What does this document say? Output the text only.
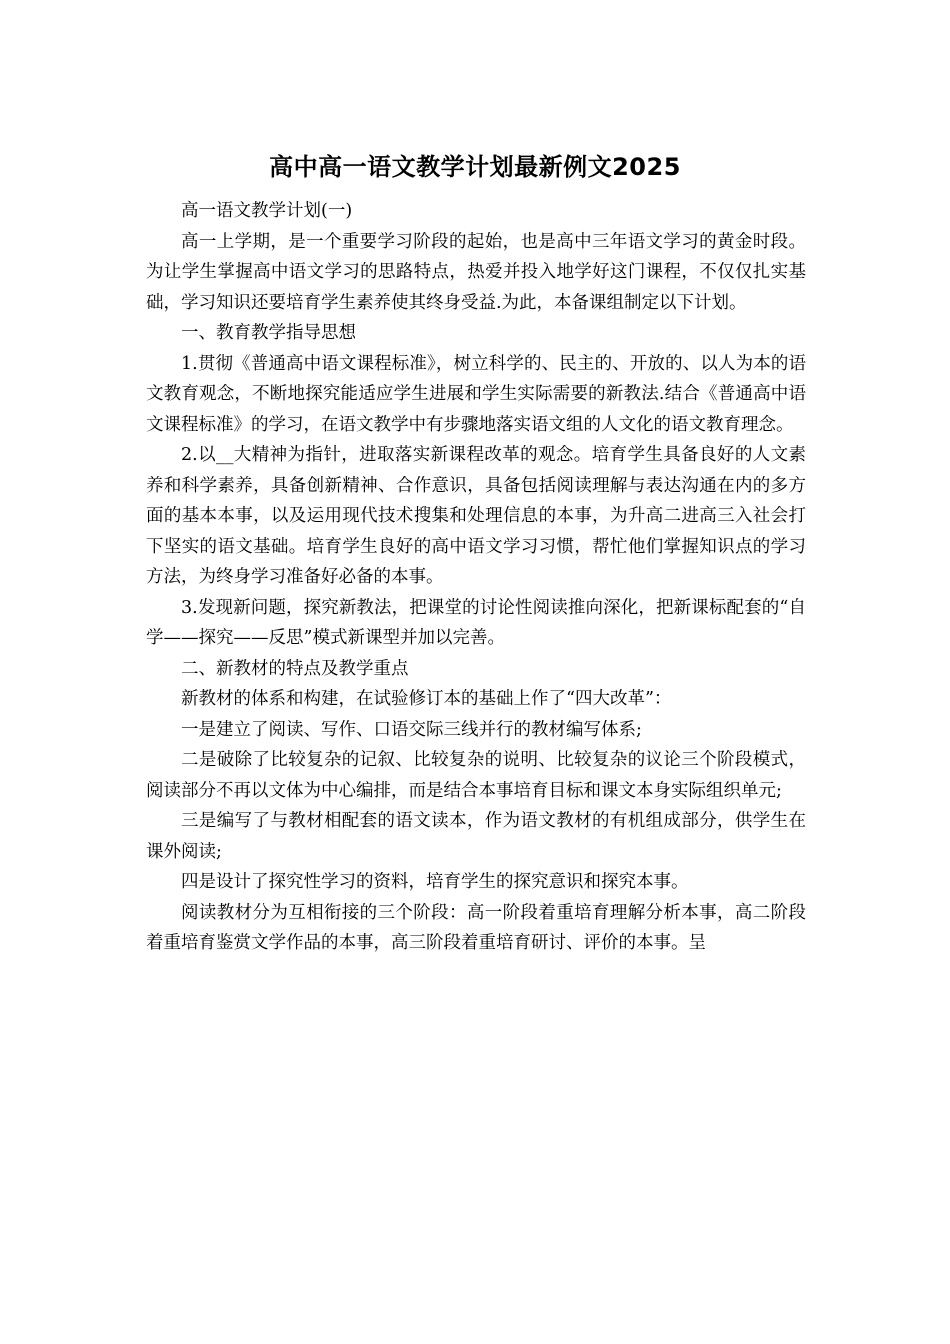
高中高一语文教学计划最新例文2025

高一语文教学计划(一)

高一上学期，是一个重要学习阶段的起始，也是高中三年语文学习的黄金时段。为让学生掌握高中语文学习的思路特点，热爱并投入地学好这门课程，不仅仅扎实基础，学习知识还要培育学生素养使其终身受益.为此，本备课组制定以下计划。

一、教育教学指导思想

1.贯彻《普通高中语文课程标准》，树立科学的、民主的、开放的、以人为本的语文教育观念，不断地探究能适应学生进展和学生实际需要的新教法.结合《普通高中语文课程标准》的学习，在语文教学中有步骤地落实语文组的人文化的语文教育理念。

2.以__大精神为指针，进取落实新课程改革的观念。培育学生具备良好的人文素养和科学素养，具备创新精神、合作意识，具备包括阅读理解与表达沟通在内的多方面的基本本事，以及运用现代技术搜集和处理信息的本事，为升高二进高三入社会打下坚实的语文基础。培育学生良好的高中语文学习习惯，帮忙他们掌握知识点的学习方法，为终身学习准备好必备的本事。

3.发现新问题，探究新教法，把课堂的讨论性阅读推向深化，把新课标配套的“自学——探究——反思”模式新课型并加以完善。

二、新教材的特点及教学重点

新教材的体系和构建，在试验修订本的基础上作了“四大改革”：

一是建立了阅读、写作、口语交际三线并行的教材编写体系;

二是破除了比较复杂的记叙、比较复杂的说明、比较复杂的议论三个阶段模式，阅读部分不再以文体为中心编排，而是结合本事培育目标和课文本身实际组织单元;

三是编写了与教材相配套的语文读本，作为语文教材的有机组成部分，供学生在课外阅读;

四是设计了探究性学习的资料，培育学生的探究意识和探究本事。

阅读教材分为互相衔接的三个阶段：高一阶段着重培育理解分析本事，高二阶段着重培育鉴赏文学作品的本事，高三阶段着重培育研讨、评价的本事。呈
